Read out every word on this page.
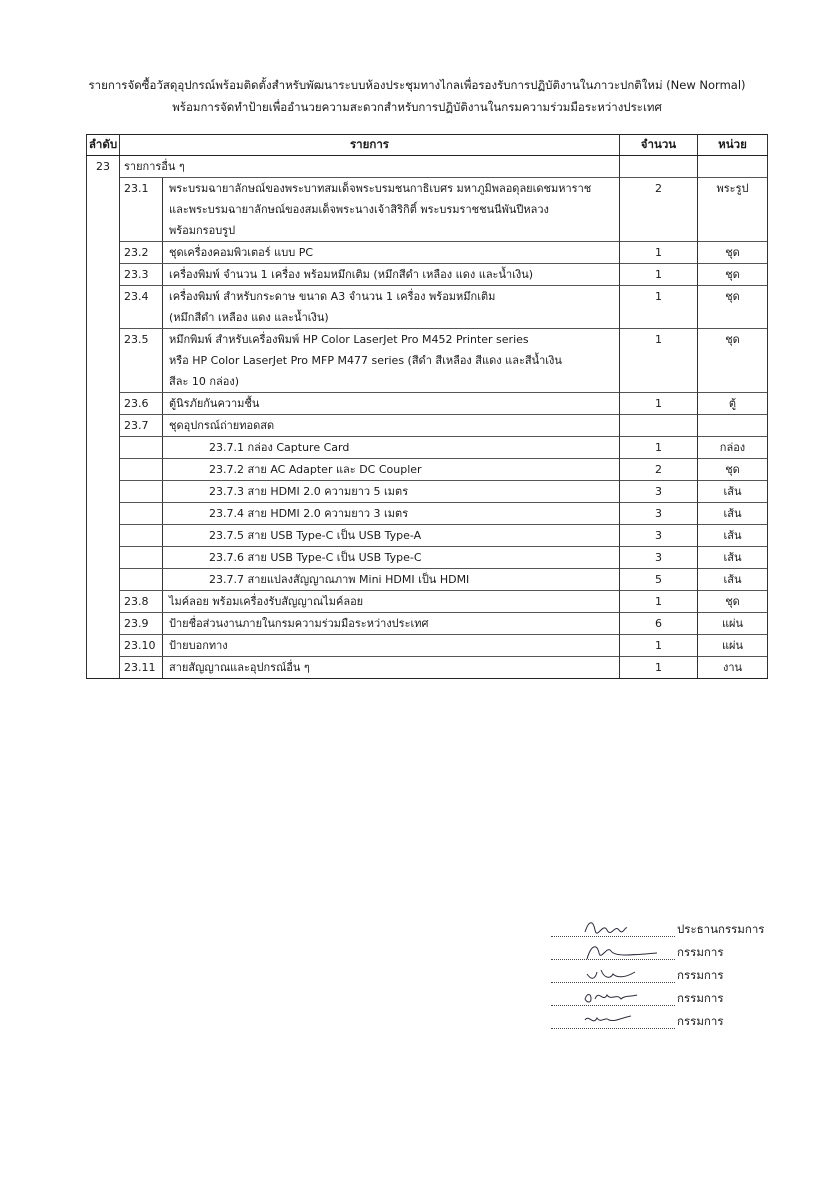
รายการจัดซื้อวัสดุอุปกรณ์พร้อมติดตั้งสำหรับพัฒนาระบบห้องประชุมทางไกลเพื่อรองรับการปฏิบัติงานในภาวะปกติใหม่ (New Normal)
พร้อมการจัดทำป้ายเพื่ออำนวยความสะดวกสำหรับการปฏิบัติงานในกรมความร่วมมือระหว่างประเทศ
ลำดับ	รายการ	จำนวน	หน่วย
23	รายการอื่น ๆ		

	23.1 พระบรมฉายาลักษณ์ของพระบาทสมเด็จพระบรมชนกาธิเบศร มหาภูมิพลอดุลยเดชมหาราช
และพระบรมฉายาลักษณ์ของสมเด็จพระนางเจ้าสิริกิติ์ พระบรมราชชนนีพันปีหลวง
พร้อมกรอบรูป	2	พระรูป

	23.2 ชุดเครื่องคอมพิวเตอร์ แบบ PC	1	ชุด

	23.3 เครื่องพิมพ์ จำนวน 1 เครื่อง พร้อมหมึกเติม (หมึกสีดำ เหลือง แดง และน้ำเงิน)	1	ชุด

	23.4 เครื่องพิมพ์ สำหรับกระดาษ ขนาด A3 จำนวน 1 เครื่อง พร้อมหมึกเติม
(หมึกสีดำ เหลือง แดง และน้ำเงิน)	1	ชุด

	23.5 หมึกพิมพ์ สำหรับเครื่องพิมพ์ HP Color LaserJet Pro M452 Printer series
หรือ HP Color LaserJet Pro MFP M477 series (สีดำ สีเหลือง สีแดง และสีน้ำเงิน
สีละ 10 กล่อง)	1	ชุด

	23.6 ตู้นิรภัยกันความชื้น	1	ตู้

	23.7 ชุดอุปกรณ์ถ่ายทอดสด		

	23.7.1 กล่อง Capture Card	1	กล่อง

	23.7.2 สาย AC Adapter และ DC Coupler	2	ชุด

	23.7.3 สาย HDMI 2.0 ความยาว 5 เมตร	3	เส้น

	23.7.4 สาย HDMI 2.0 ความยาว 3 เมตร	3	เส้น

	23.7.5 สาย USB Type-C เป็น USB Type-A	3	เส้น

	23.7.6 สาย USB Type-C เป็น USB Type-C	3	เส้น

	23.7.7 สายแปลงสัญญาณภาพ Mini HDMI เป็น HDMI	5	เส้น

	23.8 ไมค์ลอย พร้อมเครื่องรับสัญญาณไมค์ลอย	1	ชุด

	23.9 ป้ายชื่อส่วนงานภายในกรมความร่วมมือระหว่างประเทศ	6	แผ่น

	23.10 ป้ายบอกทาง	1	แผ่น

	23.11 สายสัญญาณและอุปกรณ์อื่น ๆ	1	งาน
ประธานกรรมการ
กรรมการ
กรรมการ
กรรมการ
กรรมการ
